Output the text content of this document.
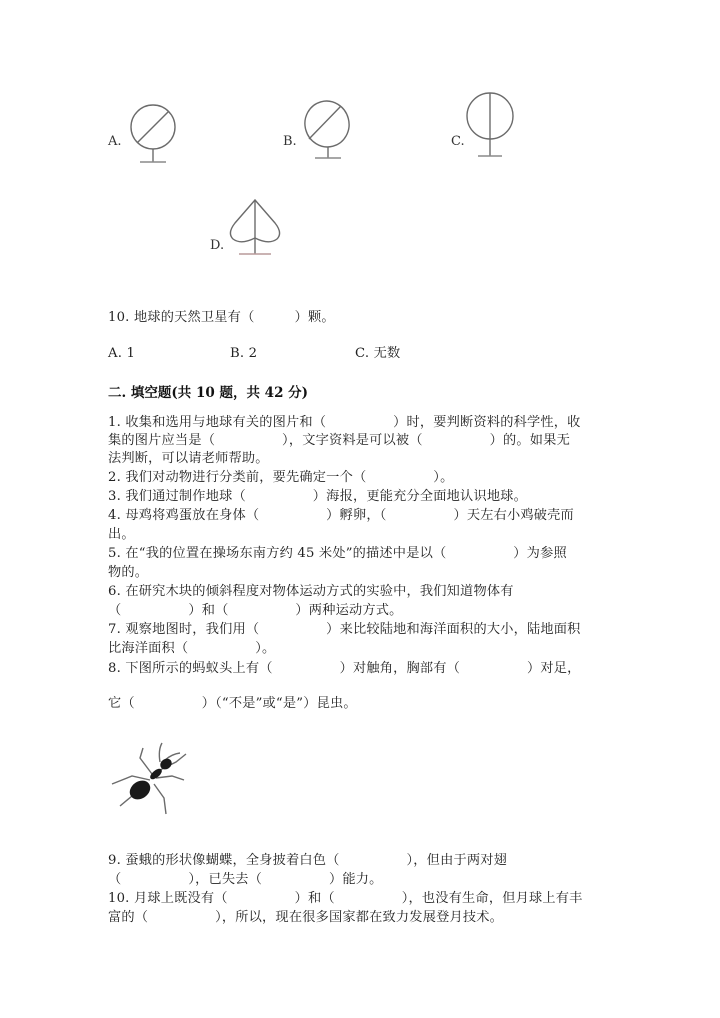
A.	B.	C.
D.
10. 地球的天然卫星有（　　　）颗。
A. 1	B. 2	C. 无数
二. 填空题(共 10 题，共 42 分)
1. 收集和选用与地球有关的图片和（　　　　　）时，要判断资料的科学性，收
集的图片应当是（　　　　　），文字资料是可以被（　　　　　）的。如果无
法判断，可以请老师帮助。
2. 我们对动物进行分类前，要先确定一个（　　　　　）。
3. 我们通过制作地球（　　　　　）海报，更能充分全面地认识地球。
4. 母鸡将鸡蛋放在身体（　　　　　）孵卵，（　　　　　）天左右小鸡破壳而
出。
5. 在“我的位置在操场东南方约 45 米处”的描述中是以（　　　　　）为参照
物的。
6. 在研究木块的倾斜程度对物体运动方式的实验中，我们知道物体有
（　　　　　）和（　　　　　）两种运动方式。
7. 观察地图时，我们用（　　　　　）来比较陆地和海洋面积的大小，陆地面积
比海洋面积（　　　　　）。
8. 下图所示的蚂蚁头上有（　　　　　）对触角，胸部有（　　　　　）对足，
它（　　　　　）（“不是”或“是”）昆虫。
9. 蚕蛾的形状像蝴蝶，全身披着白色（　　　　　），但由于两对翅
（　　　　　），已失去（　　　　　）能力。
10. 月球上既没有（　　　　　）和（　　　　　），也没有生命，但月球上有丰
富的（　　　　　），所以，现在很多国家都在致力发展登月技术。
